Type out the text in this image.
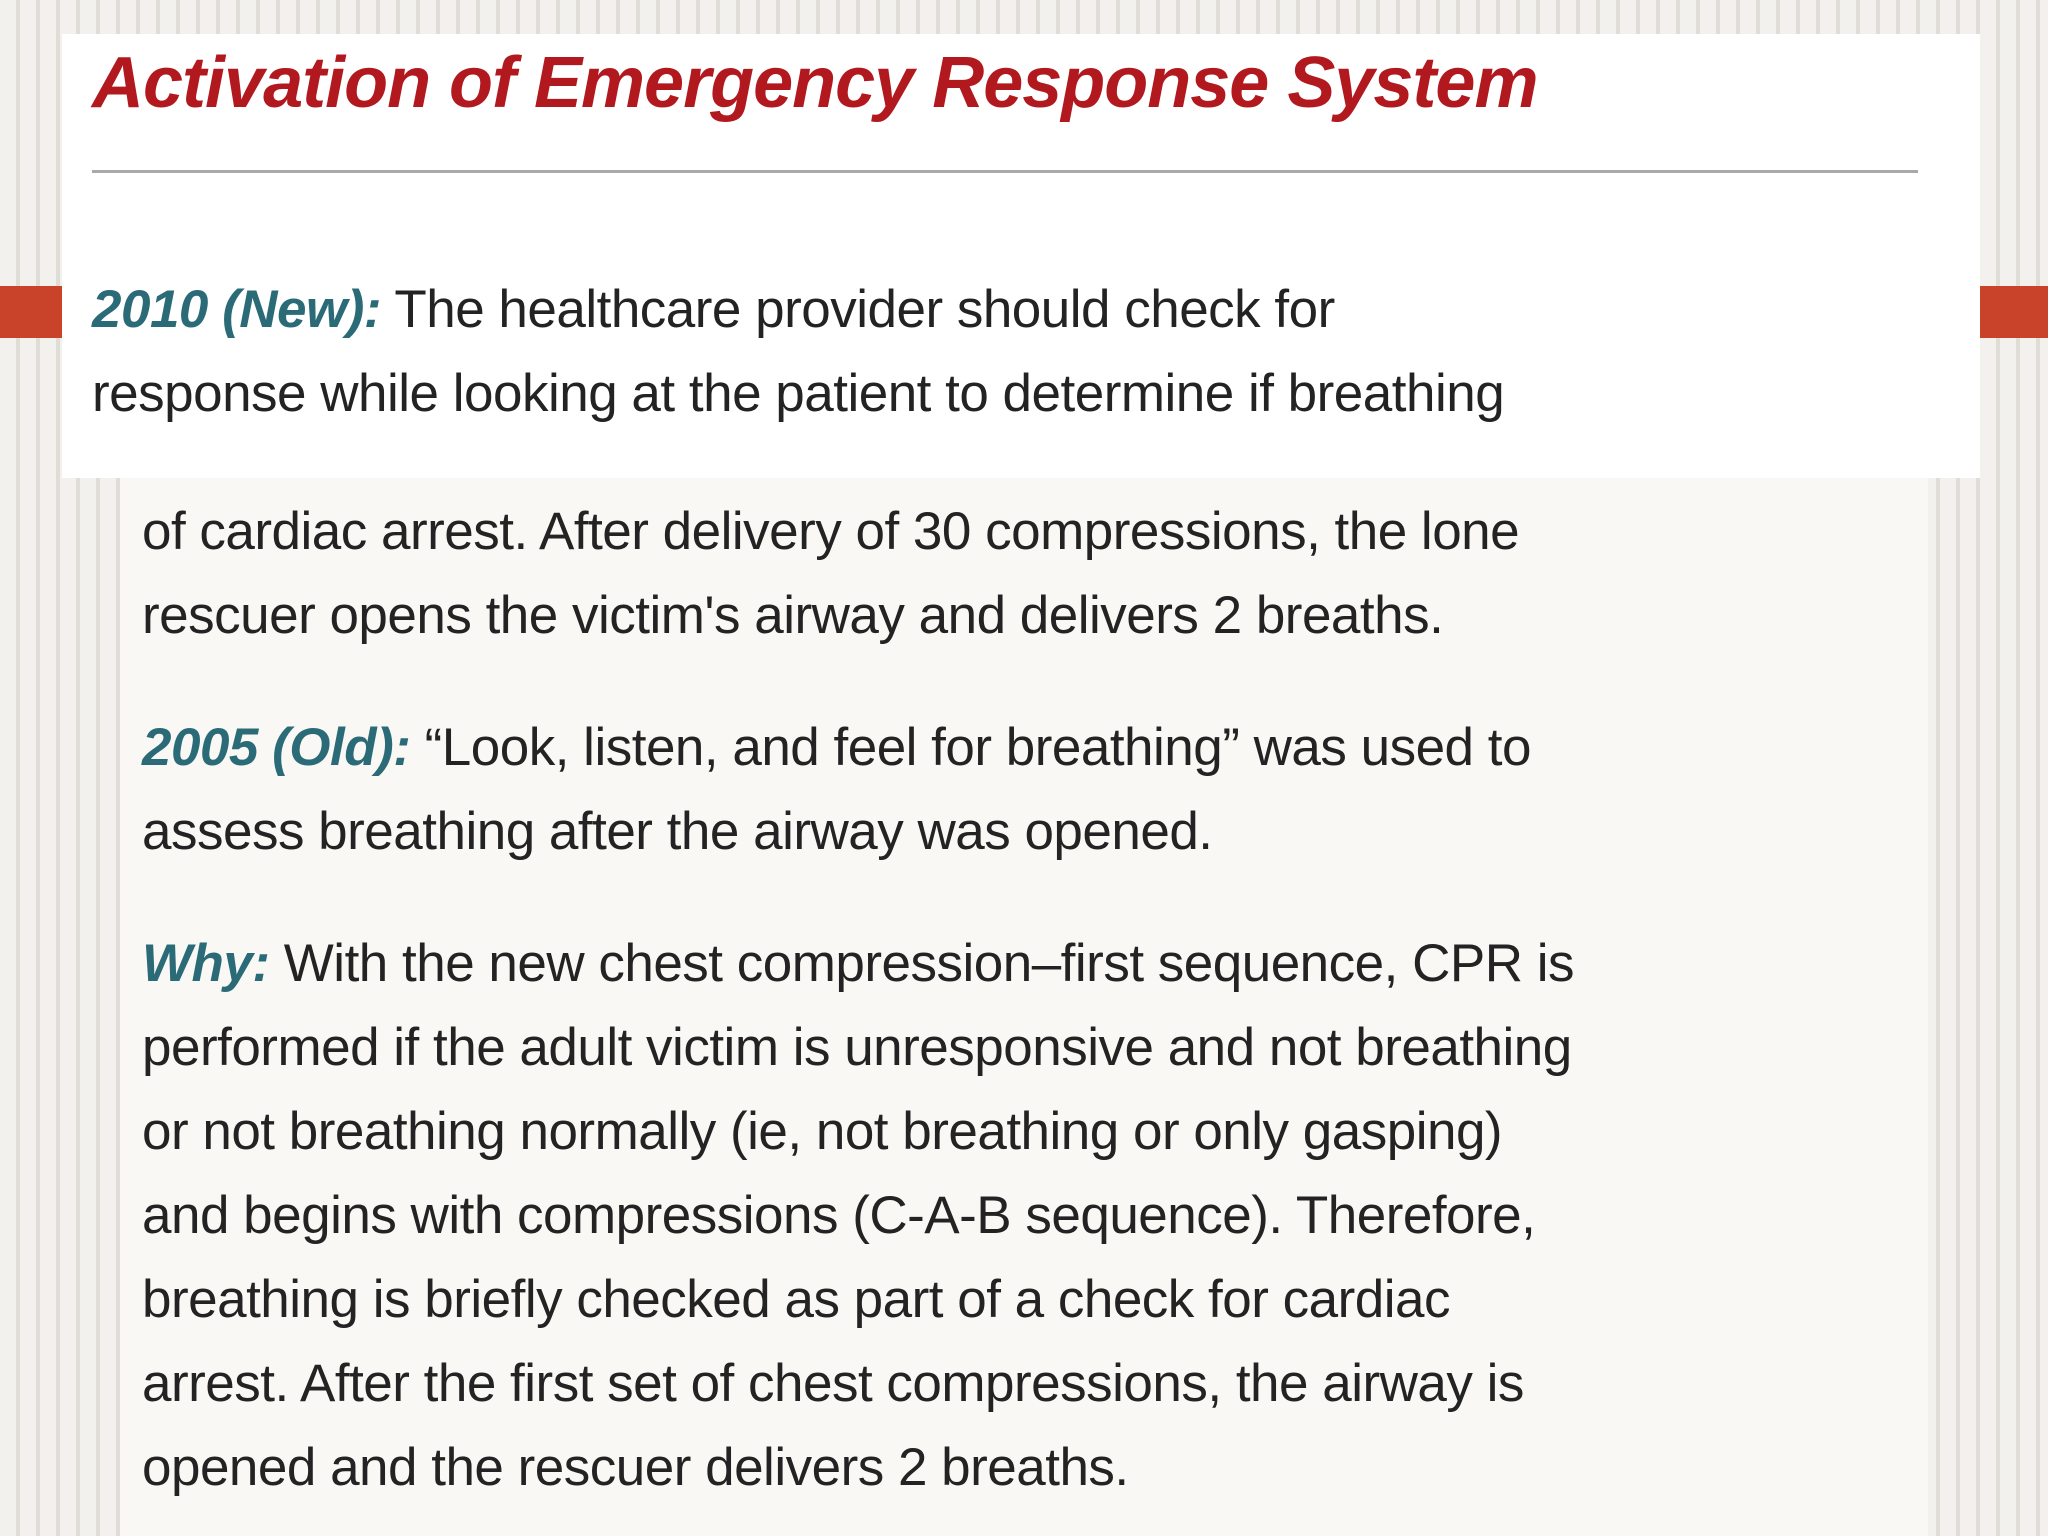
of cardiac arrest. After delivery of 30 compressions, the lone
rescuer opens the victim's airway and delivers 2 breaths.

2005 (Old): “Look, listen, and feel for breathing” was used to
assess breathing after the airway was opened.

Why: With the new chest compression–first sequence, CPR is
performed if the adult victim is unresponsive and not breathing
or not breathing normally (ie, not breathing or only gasping)
and begins with compressions (C-A-B sequence). Therefore,
breathing is briefly checked as part of a check for cardiac
arrest. After the first set of chest compressions, the airway is
opened and the rescuer delivers 2 breaths.

Activation of Emergency Response System

2010 (New): The healthcare provider should check for
response while looking at the patient to determine if breathing
